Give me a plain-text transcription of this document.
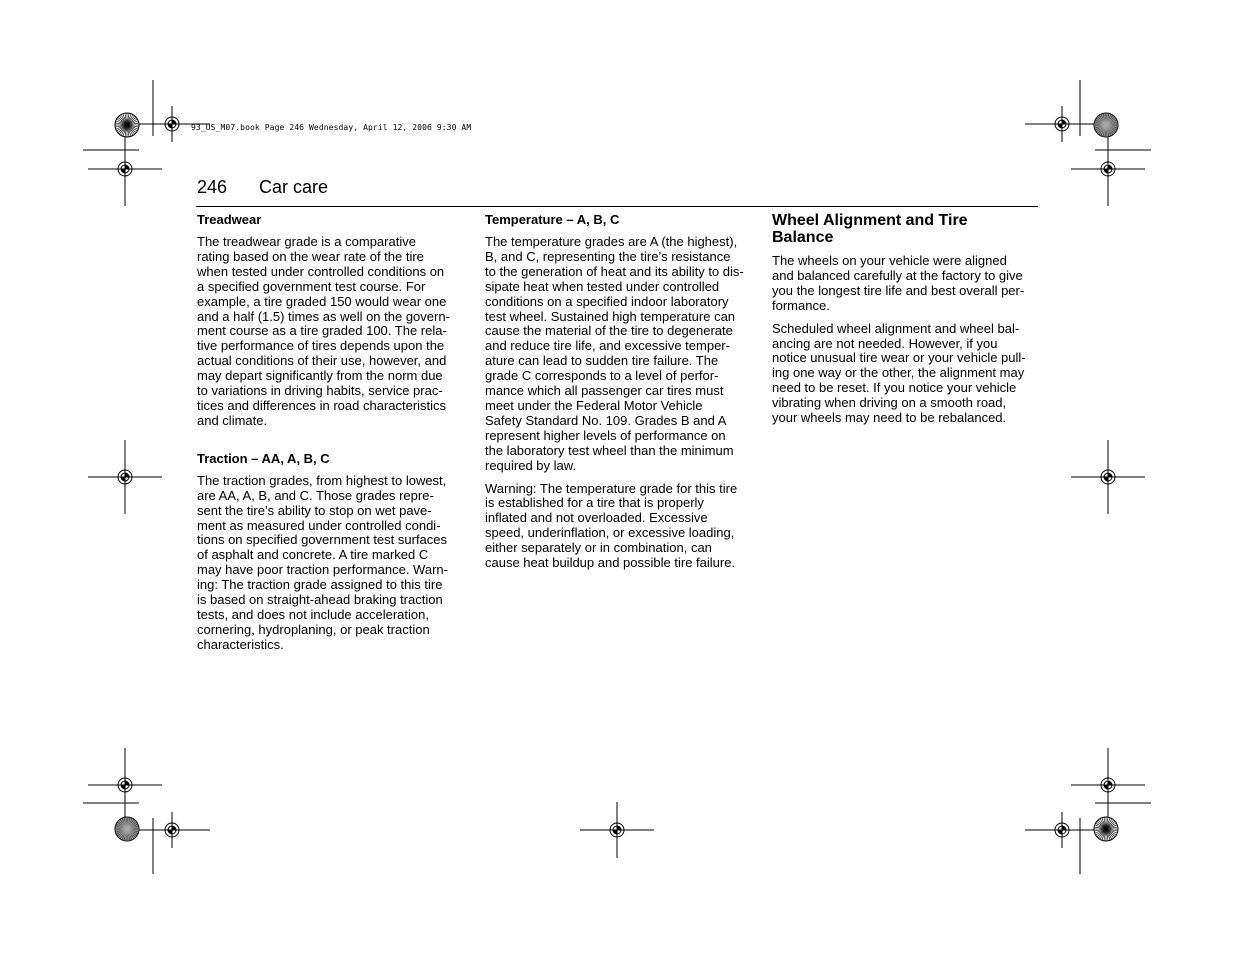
93_US_M07.book Page 246 Wednesday, April 12, 2006 9:30 AM
246 Car care
Treadwear

The treadwear grade is a comparative
rating based on the wear rate of the tire
when tested under controlled conditions on
a specified government test course. For
example, a tire graded 150 would wear one
and a half (1.5) times as well on the govern-
ment course as a tire graded 100. The rela-
tive performance of tires depends upon the
actual conditions of their use, however, and
may depart significantly from the norm due
to variations in driving habits, service prac-
tices and differences in road characteristics
and climate.

Traction – AA, A, B, C

The traction grades, from highest to lowest,
are AA, A, B, and C. Those grades repre-
sent the tire’s ability to stop on wet pave-
ment as measured under controlled condi-
tions on specified government test surfaces
of asphalt and concrete. A tire marked C
may have poor traction performance. Warn-
ing: The traction grade assigned to this tire
is based on straight-ahead braking traction
tests, and does not include acceleration,
cornering, hydroplaning, or peak traction
characteristics.

Temperature – A, B, C

The temperature grades are A (the highest),
B, and C, representing the tire’s resistance
to the generation of heat and its ability to dis-
sipate heat when tested under controlled
conditions on a specified indoor laboratory
test wheel. Sustained high temperature can
cause the material of the tire to degenerate
and reduce tire life, and excessive temper-
ature can lead to sudden tire failure. The
grade C corresponds to a level of perfor-
mance which all passenger car tires must
meet under the Federal Motor Vehicle
Safety Standard No. 109. Grades B and A
represent higher levels of performance on
the laboratory test wheel than the minimum
required by law.

Warning: The temperature grade for this tire
is established for a tire that is properly
inflated and not overloaded. Excessive
speed, underinflation, or excessive loading,
either separately or in combination, can
cause heat buildup and possible tire failure.

Wheel Alignment and Tire
Balance

The wheels on your vehicle were aligned
and balanced carefully at the factory to give
you the longest tire life and best overall per-
formance.

Scheduled wheel alignment and wheel bal-
ancing are not needed. However, if you
notice unusual tire wear or your vehicle pull-
ing one way or the other, the alignment may
need to be reset. If you notice your vehicle
vibrating when driving on a smooth road,
your wheels may need to be rebalanced.
